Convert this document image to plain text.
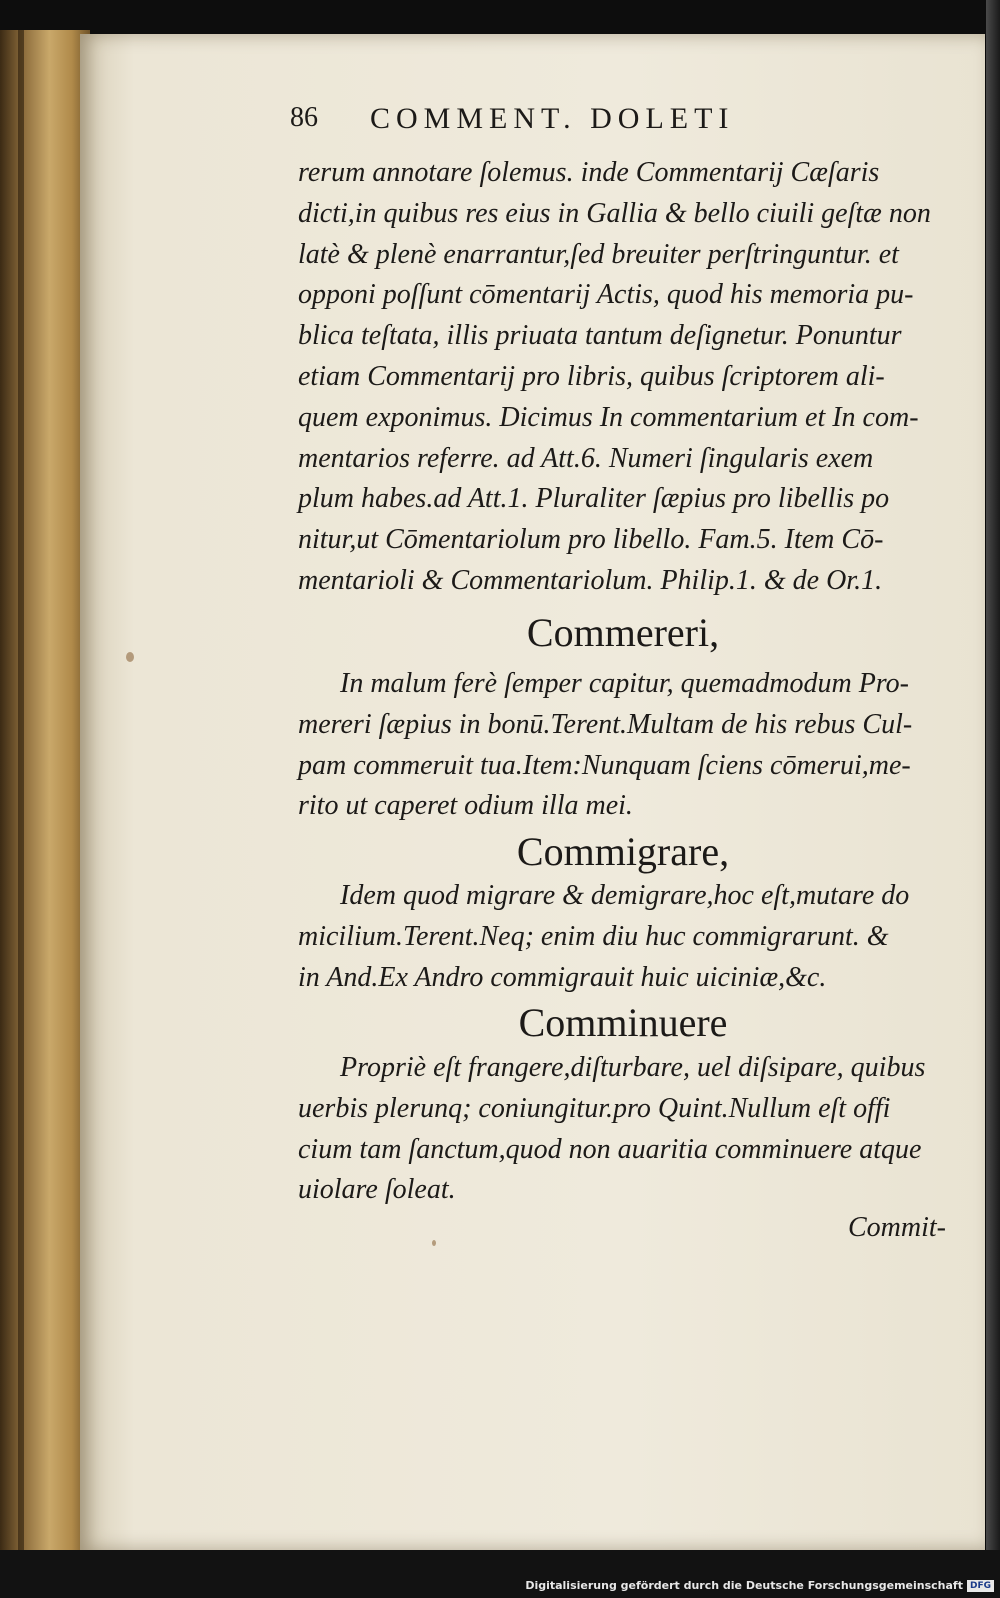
86	COMMENT. DOLETI
rerum annotare ſolemus. inde Commentarij Cæſaris
dicti,in quibus res eius in Gallia & bello ciuili geſtæ non
latè & plenè enarrantur,ſed breuiter perſtringuntur. et
opponi poſſunt cōmentarij Actis, quod his memoria pu-
blica teſtata, illis priuata tantum deſignetur. Ponuntur
etiam Commentarij pro libris, quibus ſcriptorem ali-
quem exponimus. Dicimus In commentarium et In com-
mentarios referre. ad Att.6. Numeri ſingularis exem
plum habes.ad Att.1. Pluraliter ſæpius pro libellis po
nitur,ut Cōmentariolum pro libello. Fam.5. Item Cō-
mentarioli & Commentariolum. Philip.1. & de Or.1.
Commereri,
In malum ferè ſemper capitur, quemadmodum Pro-
mereri ſæpius in bonū.Terent.Multam de his rebus Cul-
pam commeruit tua.Item:Nunquam ſciens cōmerui,me-
rito ut caperet odium illa mei.
Commigrare,
Idem quod migrare & demigrare,hoc eſt,mutare do
micilium.Terent.Neq; enim diu huc commigrarunt. &
in And.Ex Andro commigrauit huic uiciniæ,&c.
Comminuere
Propriè eſt frangere,diſturbare, uel diſsipare, quibus
uerbis plerunq; coniungitur.pro Quint.Nullum eſt offi
cium tam ſanctum,quod non auaritia comminuere atque
uiolare ſoleat.
Commit-
Digitalisierung gefördert durch die Deutsche Forschungsgemeinschaft DFG
